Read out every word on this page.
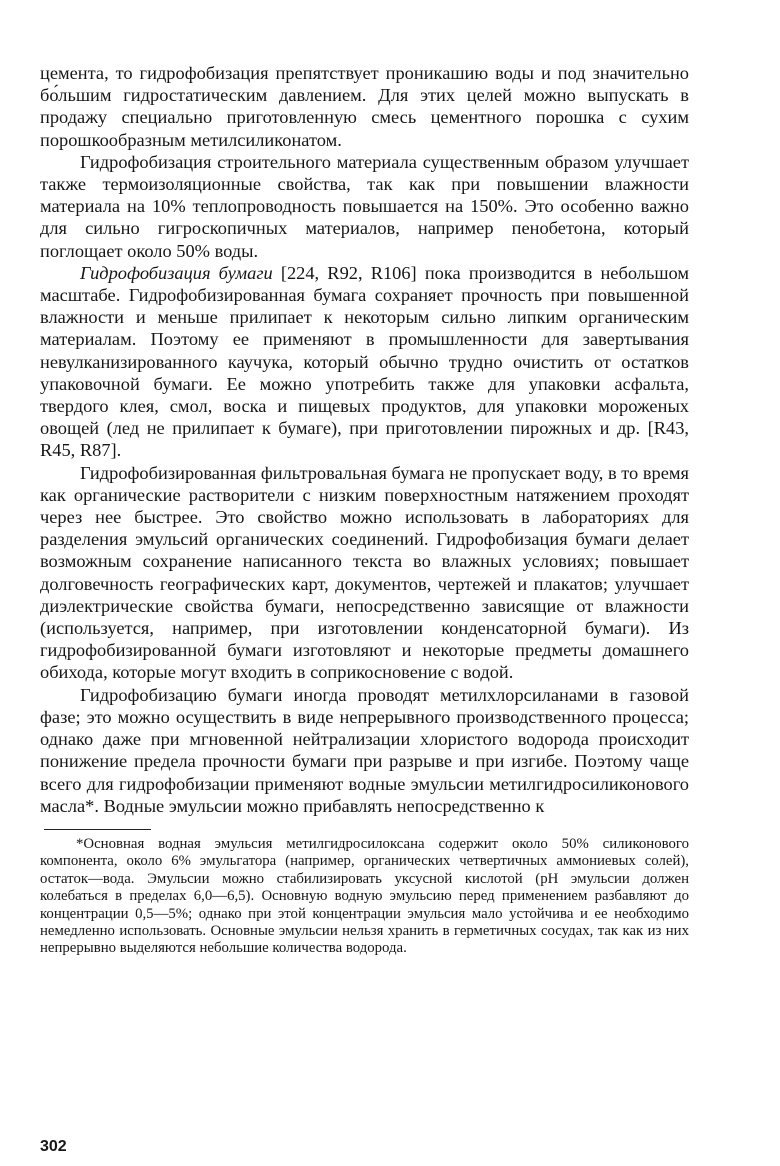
цемента, то гидрофобизация препятствует проникашию воды и под значительно бо́льшим гидростатическим давлением. Для этих целей можно выпускать в продажу специально приготовленную смесь цементного порошка с сухим порошкообразным метилсиликонатом.

Гидрофобизация строительного материала существенным образом улучшает также термоизоляционные свойства, так как при повышении влажности материала на 10% теплопроводность повышается на 150%. Это особенно важно для сильно гигроскопичных материалов, например пенобетона, который поглощает около 50% воды.

Гидрофобизация бумаги [224, R92, R106] пока производится в небольшом масштабе. Гидрофобизированная бумага сохраняет прочность при повышенной влажности и меньше прилипает к некоторым сильно липким органическим материалам. Поэтому ее применяют в промышленности для завертывания невулканизированного каучука, который обычно трудно очистить от остатков упаковочной бумаги. Ее можно употребить также для упаковки асфальта, твердого клея, смол, воска и пищевых продуктов, для упаковки мороженых овощей (лед не прилипает к бумаге), при приготовлении пирожных и др. [R43, R45, R87].

Гидрофобизированная фильтровальная бумага не пропускает воду, в то время как органические растворители с низким поверхностным натяжением проходят через нее быстрее. Это свойство можно использовать в лабораториях для разделения эмульсий органических соединений. Гидрофобизация бумаги делает возможным сохранение написанного текста во влажных условиях; повышает долговечность географических карт, документов, чертежей и плакатов; улучшает диэлектрические свойства бумаги, непосредственно зависящие от влажности (используется, например, при изготовлении конденсаторной бумаги). Из гидрофобизированной бумаги изготовляют и некоторые предметы домашнего обихода, которые могут входить в соприкосновение с водой.

Гидрофобизацию бумаги иногда проводят метилхлорсиланами в газовой фазе; это можно осуществить в виде непрерывного производственного процесса; однако даже при мгновенной нейтрализации хлористого водорода происходит понижение предела прочности бумаги при разрыве и при изгибе. Поэтому чаще всего для гидрофобизации применяют водные эмульсии метилгидросиликонового масла*. Водные эмульсии можно прибавлять непосредственно к

*Основная водная эмульсия метилгидросилоксана содержит около 50% силиконового компонента, около 6% эмульгатора (например, органических четвертичных аммониевых солей), остаток—вода. Эмульсии можно стабилизировать уксусной кислотой (рН эмульсии должен колебаться в пределах 6,0—6,5). Основную водную эмульсию перед применением разбавляют до концентрации 0,5—5%; однако при этой концентрации эмульсия мало устойчива и ее необходимо немедленно использовать. Основные эмульсии нельзя хранить в герметичных сосудах, так как из них непрерывно выделяются небольшие количества водорода.

302
